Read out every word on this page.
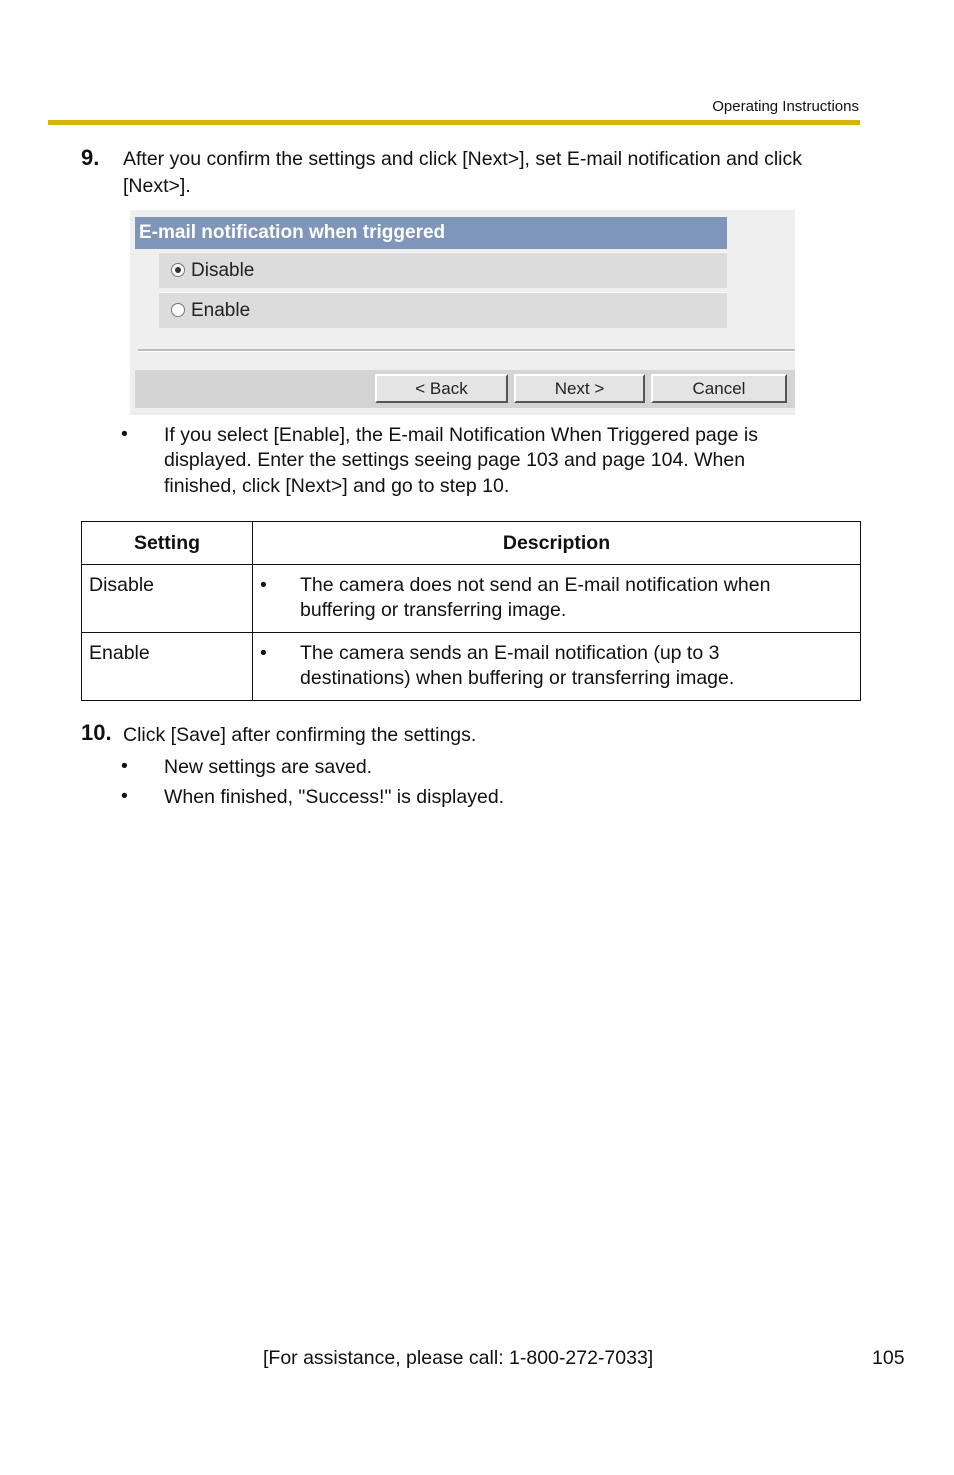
Operating Instructions
9. After you confirm the settings and click [Next>], set E-mail notification and click
[Next>].
E-mail notification when triggered
Disable
Enable
< Back	Next >	Cancel
• If you select [Enable], the E-mail Notification When Triggered page is
displayed. Enter the settings seeing page 103 and page 104. When
finished, click [Next>] and go to step 10.
Setting	Description
Disable	• The camera does not send an E-mail notification when
buffering or transferring image.

Enable	• The camera sends an E-mail notification (up to 3
destinations) when buffering or transferring image.
10. Click [Save] after confirming the settings.
• New settings are saved.
• When finished, "Success!" is displayed.
[For assistance, please call: 1-800-272-7033]	105
